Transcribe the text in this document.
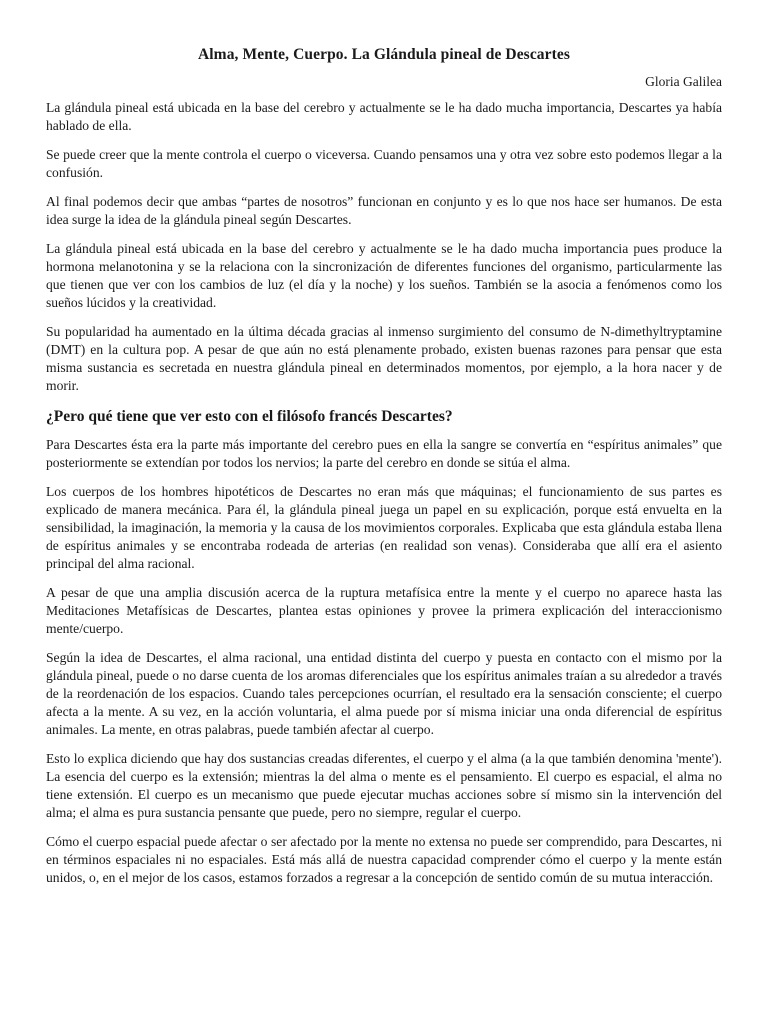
Alma, Mente, Cuerpo. La Glándula pineal de Descartes
Gloria Galilea

La glándula pineal está ubicada en la base del cerebro y actualmente se le ha dado mucha importancia, Descartes ya había hablado de ella.

Se puede creer que la mente controla el cuerpo o viceversa. Cuando pensamos una y otra vez sobre esto podemos llegar a la confusión.

Al final podemos decir que ambas “partes de nosotros” funcionan en conjunto y es lo que nos hace ser humanos. De esta idea surge la idea de la glándula pineal según Descartes.

La glándula pineal está ubicada en la base del cerebro y actualmente se le ha dado mucha importancia pues produce la hormona melanotonina y se la relaciona con la sincronización de diferentes funciones del organismo, particularmente las que tienen que ver con los cambios de luz (el día y la noche) y los sueños. También se la asocia a fenómenos como los sueños lúcidos y la creatividad.

Su popularidad ha aumentado en la última década gracias al inmenso surgimiento del consumo de N-dimethyltryptamine (DMT) en la cultura pop. A pesar de que aún no está plenamente probado, existen buenas razones para pensar que esta misma sustancia es secretada en nuestra glándula pineal en determinados momentos, por ejemplo, a la hora nacer y de morir.

¿Pero qué tiene que ver esto con el filósofo francés Descartes?

Para Descartes ésta era la parte más importante del cerebro pues en ella la sangre se convertía en “espíritus animales” que posteriormente se extendían por todos los nervios; la parte del cerebro en donde se sitúa el alma.

Los cuerpos de los hombres hipotéticos de Descartes no eran más que máquinas; el funcionamiento de sus partes es explicado de manera mecánica. Para él, la glándula pineal juega un papel en su explicación, porque está envuelta en la sensibilidad, la imaginación, la memoria y la causa de los movimientos corporales. Explicaba que esta glándula estaba llena de espíritus animales y se encontraba rodeada de arterias (en realidad son venas). Consideraba que allí era el asiento principal del alma racional.

A pesar de que una amplia discusión acerca de la ruptura metafísica entre la mente y el cuerpo no aparece hasta las Meditaciones Metafísicas de Descartes, plantea estas opiniones y provee la primera explicación del interaccionismo mente/cuerpo.

Según la idea de Descartes, el alma racional, una entidad distinta del cuerpo y puesta en contacto con el mismo por la glándula pineal, puede o no darse cuenta de los aromas diferenciales que los espíritus animales traían a su alrededor a través de la reordenación de los espacios. Cuando tales percepciones ocurrían, el resultado era la sensación consciente; el cuerpo afecta a la mente. A su vez, en la acción voluntaria, el alma puede por sí misma iniciar una onda diferencial de espíritus animales. La mente, en otras palabras, puede también afectar al cuerpo.

Esto lo explica diciendo que hay dos sustancias creadas diferentes, el cuerpo y el alma (a la que también denomina 'mente'). La esencia del cuerpo es la extensión; mientras la del alma o mente es el pensamiento. El cuerpo es espacial, el alma no tiene extensión. El cuerpo es un mecanismo que puede ejecutar muchas acciones sobre sí mismo sin la intervención del alma; el alma es pura sustancia pensante que puede, pero no siempre, regular el cuerpo.

Cómo el cuerpo espacial puede afectar o ser afectado por la mente no extensa no puede ser comprendido, para Descartes, ni en términos espaciales ni no espaciales. Está más allá de nuestra capacidad comprender cómo el cuerpo y la mente están unidos, o, en el mejor de los casos, estamos forzados a regresar a la concepción de sentido común de su mutua interacción.
